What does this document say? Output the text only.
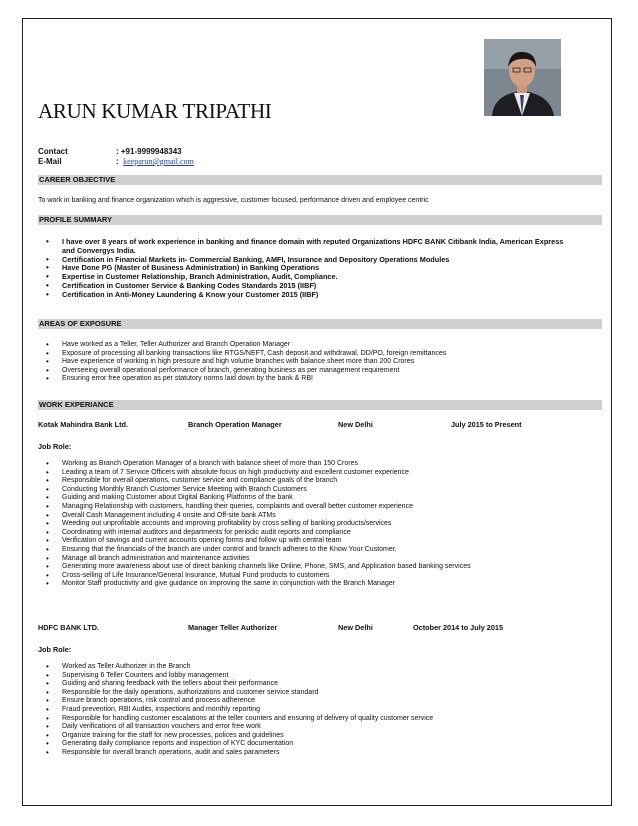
ARUN KUMAR TRIPATHI
Contact	: +91-9999948343
E-Mail	: keeparun@gmail.com
CAREER OBJECTIVE
To work in banking and finance organization which is aggressive, customer focused, performance driven and employee centric
PROFILE SUMMARY
• I have over 8 years of work experience in banking and finance domain with reputed Organizations HDFC BANK Citibank India, American Express and Convergys India.
• Certification in Financial Markets in- Commercial Banking, AMFI, Insurance and Depository Operations Modules
• Have Done PG (Master of Business Administration) in Banking Operations
• Expertise in Customer Relationship, Branch Administration, Audit, Compliance.
• Certification in Customer Service & Banking Codes Standards 2015 (IIBF)
• Certification in Anti-Money Laundering & Know your Customer 2015 (IIBF)
AREAS OF EXPOSURE
• Have worked as a Teller, Teller Authorizer and Branch Operation Manager
• Exposure of processing all banking transactions like RTGS/NEFT, Cash deposit and withdrawal, DD/PO, foreign remittances
• Have experience of working in high pressure and high volume branches with balance sheet more than 200 Crores
• Overseeing overall operational performance of branch, generating business as per management requirement
• Ensuring error free operation as per statutory norms laid down by the bank & RBI
WORK EXPERIANCE
Kotak Mahindra Bank Ltd.	Branch Operation Manager	New Delhi	July 2015 to Present
Job Role:
• Working as Branch Operation Manager of a branch with balance sheet of more than 150 Crores
• Leading a team of 7 Service Officers with absolute focus on high productivity and excellent customer experience
• Responsible for overall operations, customer service and compliance goals of the branch
• Conducting Monthly Branch Customer Service Meeting with Branch Customers
• Guiding and making Customer about Digital Banking Platforms of the bank
• Managing Relationship with customers, handling their queries, complaints and overall better customer experience
• Overall Cash Management including 4 onsite and Off-site bank ATMs
• Weeding out unprofitable accounts and improving profitability by cross selling of banking products/services
• Coordinating with internal auditors and departments for periodic audit reports and compliance
• Verification of savings and current accounts opening forms and follow up with central team
• Ensuring that the financials of the branch are under control and branch adheres to the Know Your Customer.
• Manage all branch administration and maintenance activities
• Generating more awareness about use of direct banking channels like Online, Phone, SMS, and Application based banking services
• Cross-selling of Life Insurance/General Insurance, Mutual Fund products to customers
• Monitor Staff productivity and give guidance on improving the same in conjunction with the Branch Manager
HDFC BANK LTD.	Manager Teller Authorizer	New Delhi	October 2014 to July 2015
Job Role:
• Worked as Teller Authorizer in the Branch
• Supervising 6 Teller Counters and lobby management
• Guiding and sharing feedback with the tellers about their performance
• Responsible for the daily operations, authorizations and customer service standard
• Ensure branch operations, risk control and process adherence
• Fraud prevention, RBI Audits, inspections and monthly reporting
• Responsible for handling customer escalations at the teller counters and ensuring of delivery of quality customer service
• Daily verifications of all transaction vouchers and error free work
• Organize training for the staff for new processes, polices and guidelines
• Generating daily compliance reports and inspection of KYC documentation
• Responsible for overall branch operations, audit and sales parameters
